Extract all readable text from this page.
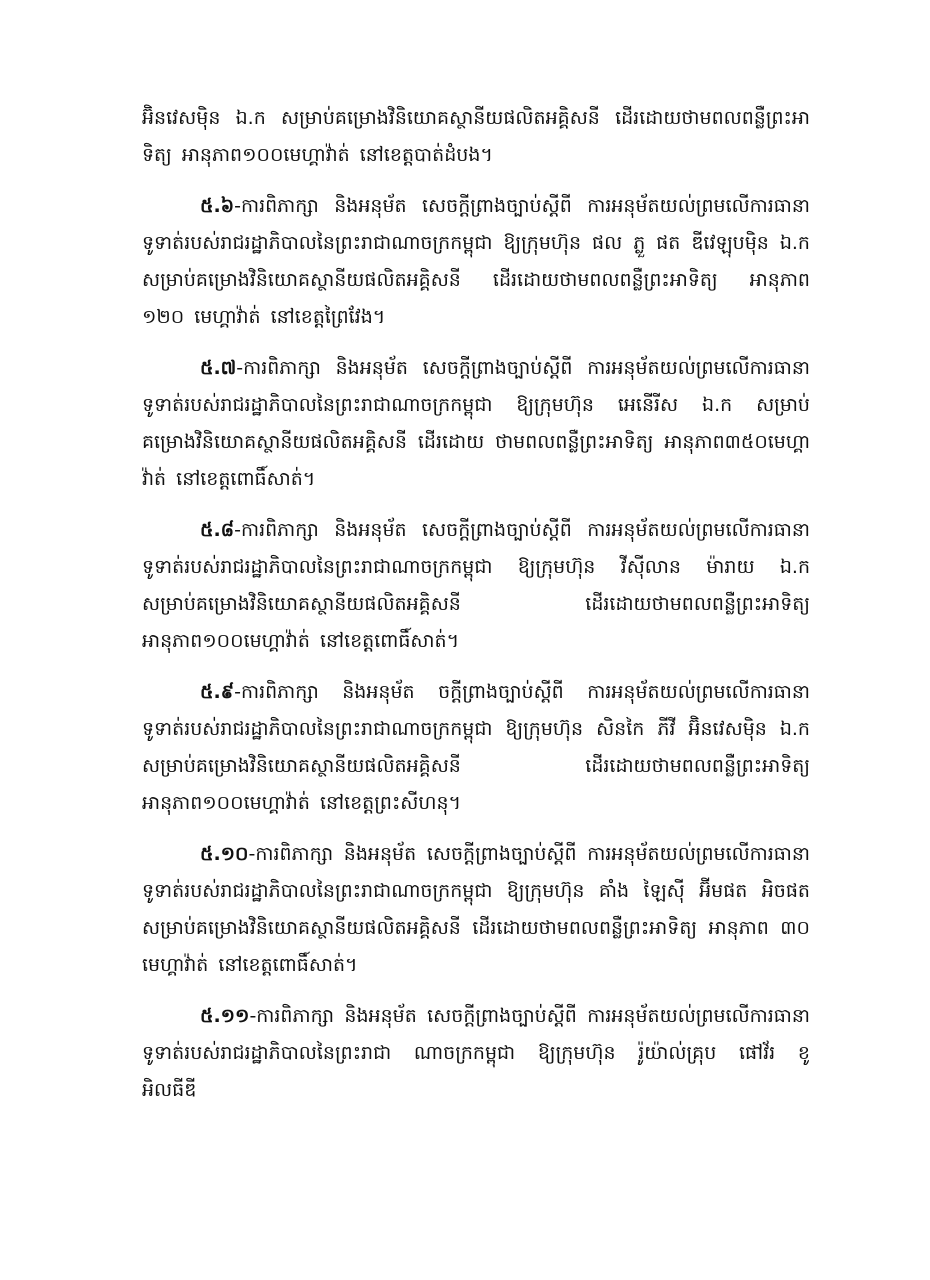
អ៊ិនវេសម៉ិន ឯ.ក សម្រាប់គម្រោងវិនិយោគស្ថានីយផលិតអគ្គិសនី ដើរដោយថាមពលពន្លឺព្រះអាទិត្យ អានុភាព១០០មេហ្គាវ៉ាត់ នៅខេត្តបាត់ដំបង។

៥.៦-ការពិភាក្សា និងអនុម័ត សេចក្តីព្រាងច្បាប់ស្តីពី ការអនុម័តយល់ព្រមលើការធានាទូទាត់របស់រាជរដ្ឋាភិបាលនៃព្រះរាជាណាចក្រកម្ពុជា ឱ្យក្រុមហ៊ុន ផល ភ្លួ ផត ឌីវេឡុបម៉ិន ឯ.ក សម្រាប់គម្រោងវិនិយោគស្ថានីយផលិតអគ្គិសនី ដើរដោយថាមពលពន្លឺព្រះអាទិត្យ អានុភាព ១២០ មេហ្គាវ៉ាត់ នៅខេត្តព្រៃវែង។

៥.៧-ការពិភាក្សា និងអនុម័ត សេចក្តីព្រាងច្បាប់ស្តីពី ការអនុម័តយល់ព្រមលើការធានាទូទាត់របស់រាជរដ្ឋាភិបាលនៃព្រះរាជាណាចក្រកម្ពុជា ឱ្យក្រុមហ៊ុន អេនើរីស ឯ.ក សម្រាប់គម្រោងវិនិយោគស្ថានីយផលិតអគ្គិសនី ដើរដោយ ថាមពលពន្លឺព្រះអាទិត្យ អានុភាព៣៥០មេហ្គាវ៉ាត់ នៅខេត្តពោធិ៍សាត់។

៥.៨-ការពិភាក្សា និងអនុម័ត សេចក្តីព្រាងច្បាប់ស្តីពី ការអនុម័តយល់ព្រមលើការធានាទូទាត់របស់រាជរដ្ឋាភិបាលនៃព្រះរាជាណាចក្រកម្ពុជា ឱ្យក្រុមហ៊ុន វីស៊ីលាន ម៉ារាយ ឯ.ក សម្រាប់គម្រោងវិនិយោគស្ថានីយផលិតអគ្គិសនី ដើរដោយថាមពលពន្លឺព្រះអាទិត្យ អានុភាព១០០មេហ្គាវ៉ាត់ នៅខេត្តពោធិ៍សាត់។

៥.៩-ការពិភាក្សា និងអនុម័ត ចក្តីព្រាងច្បាប់ស្តីពី ការអនុម័តយល់ព្រមលើការធានាទូទាត់របស់រាជរដ្ឋាភិបាលនៃព្រះរាជាណាចក្រកម្ពុជា ឱ្យក្រុមហ៊ុន សិនកៃ ភីវី អ៊ិនវេសម៉ិន ឯ.ក សម្រាប់គម្រោងវិនិយោគស្ថានីយផលិតអគ្គិសនី ដើរដោយថាមពលពន្លឺព្រះអាទិត្យ អានុភាព១០០មេហ្គាវ៉ាត់ នៅខេត្តព្រះសីហនុ។

៥.១០-ការពិភាក្សា និងអនុម័ត សេចក្តីព្រាងច្បាប់ស្តីពី ការអនុម័តយល់ព្រមលើការធានាទូទាត់របស់រាជរដ្ឋាភិបាលនៃព្រះរាជាណាចក្រកម្ពុជា ឱ្យក្រុមហ៊ុន គាំង ឡៃស៊ី អ៊ីមផត អិចផត សម្រាប់គម្រោងវិនិយោគស្ថានីយផលិតអគ្គិសនី ដើរដោយថាមពលពន្លឺព្រះអាទិត្យ អានុភាព ៣០ មេហ្គាវ៉ាត់ នៅខេត្តពោធិ៍សាត់។

៥.១១-ការពិភាក្សា និងអនុម័ត សេចក្តីព្រាងច្បាប់ស្តីពី ការអនុម័តយល់ព្រមលើការធានាទូទាត់របស់រាជរដ្ឋាភិបាលនៃព្រះរាជា ណាចក្រកម្ពុជា ឱ្យក្រុមហ៊ុន រ៉ូយ៉ាល់គ្រុប ផៅវ័រ ខូ អិលធីឌី
